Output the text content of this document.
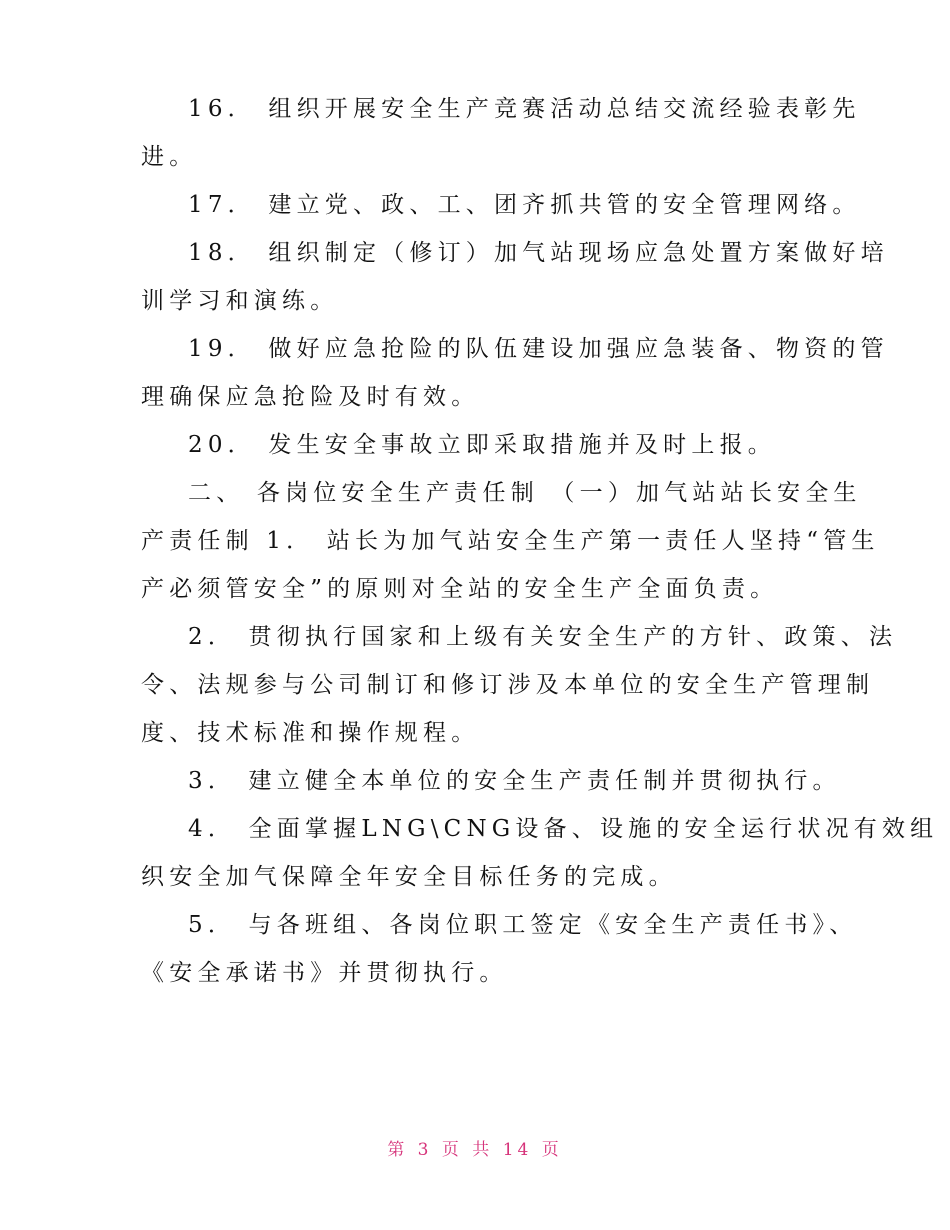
16． 组织开展安全生产竞赛活动总结交流经验表彰先
进。
17． 建立党、政、工、团齐抓共管的安全管理网络。
18． 组织制定（修订）加气站现场应急处置方案做好培
训学习和演练。
19． 做好应急抢险的队伍建设加强应急装备、物资的管
理确保应急抢险及时有效。
20． 发生安全事故立即采取措施并及时上报。
二、 各岗位安全生产责任制 （一）加气站站长安全生
产责任制 1． 站长为加气站安全生产第一责任人坚持“管生
产必须管安全”的原则对全站的安全生产全面负责。
2． 贯彻执行国家和上级有关安全生产的方针、政策、法
令、法规参与公司制订和修订涉及本单位的安全生产管理制
度、技术标准和操作规程。
3． 建立健全本单位的安全生产责任制并贯彻执行。
4． 全面掌握LNG\CNG设备、设施的安全运行状况有效组
织安全加气保障全年安全目标任务的完成。
5． 与各班组、各岗位职工签定《安全生产责任书》、
《安全承诺书》并贯彻执行。
第 3 页 共 14 页
